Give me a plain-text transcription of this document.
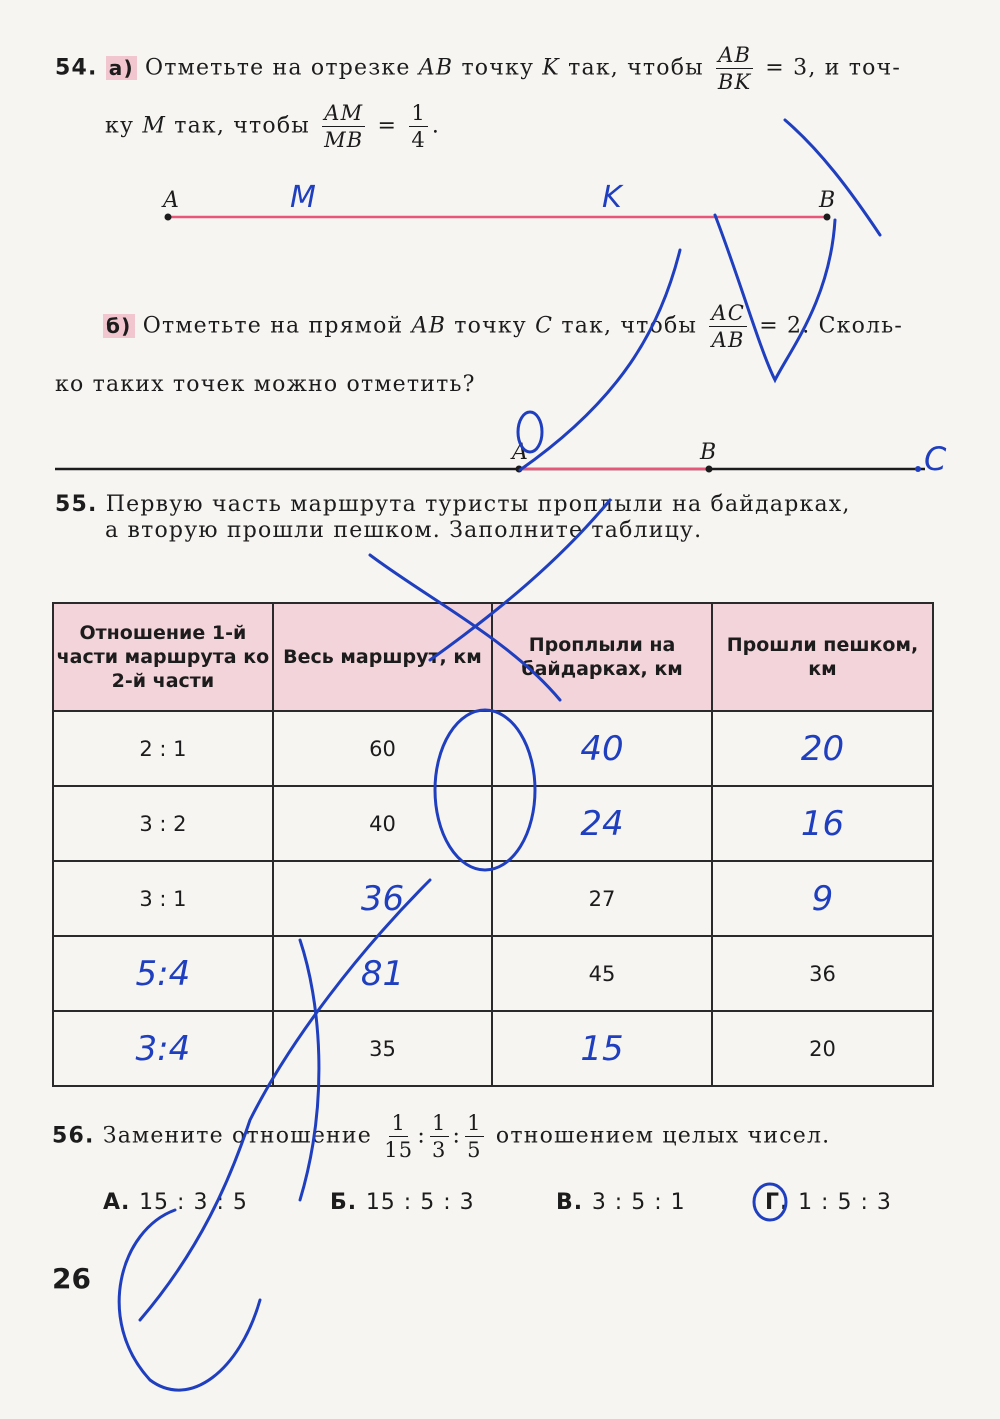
54. а) Отметьте на отрезке AB точку K так, чтобы $\frac{AB}{BK} = 3$, и точ-
ку M так, чтобы $\frac{AM}{MB} = \frac{1}{4}$ .
A	B
M	K
б) Отметьте на прямой AB точку C так, чтобы $\frac{AC}{AB} = 2$. Сколь-
ко таких точек можно отметить?
A	B	C
55. Первую часть маршрута туристы проплыли на байдарках,
а вторую прошли пешком. Заполните таблицу.
Отношение 1-й части маршрута ко 2-й части	Весь маршрут, км	Проплыли на байдарках, км	Прошли пешком, км
2 : 1	60	40	20
3 : 2	40	24	16
3 : 1	36	27	9
5:4	81	45	36
3:4	35	15	20
56. Замените отношение $\frac{1}{15}$ : $\frac{1}{3}$ : $\frac{1}{5}$ отношением целых чисел.
А. 15 : 3 : 5	Б. 15 : 5 : 3	В. 3 : 5 : 1	Г. 1 : 5 : 3
26
